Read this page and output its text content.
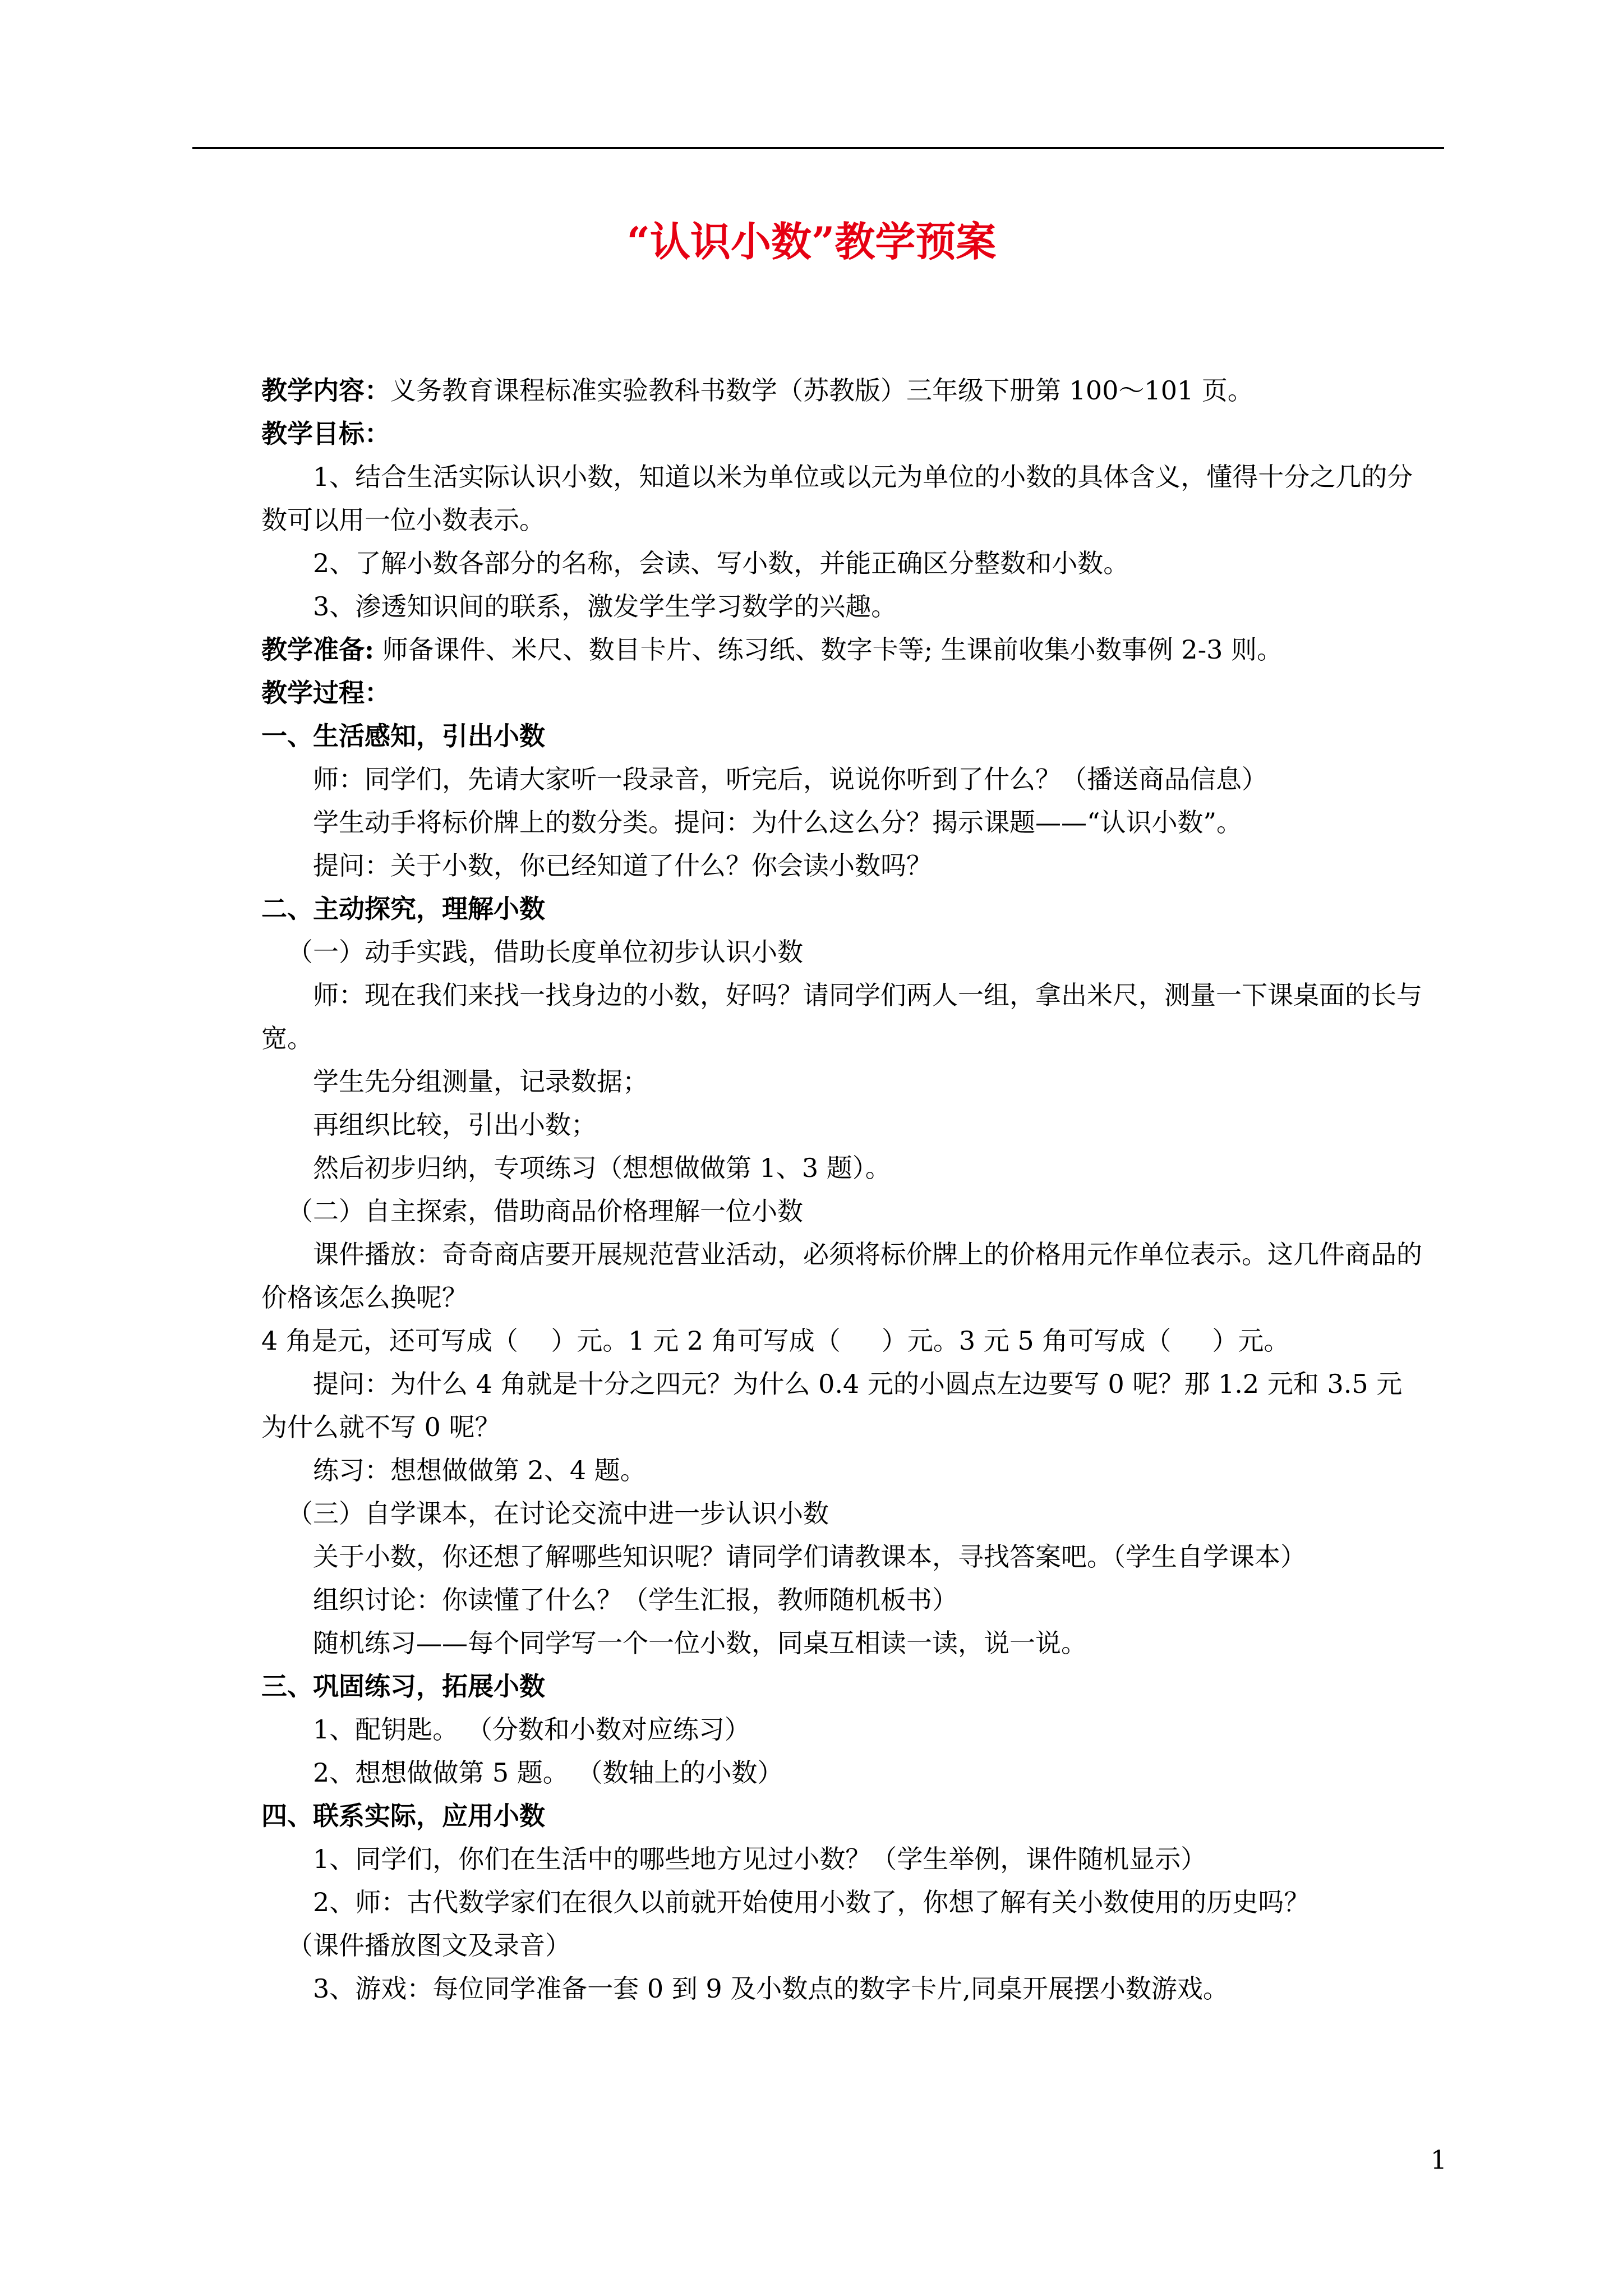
“认识小数”教学预案

教学内容：义务教育课程标准实验教科书数学（苏教版）三年级下册第 100～101 页。

教学目标：

1、结合生活实际认识小数，知道以米为单位或以元为单位的小数的具体含义，懂得十分之几的分数可以用一位小数表示。

2、了解小数各部分的名称，会读、写小数，并能正确区分整数和小数。

3、渗透知识间的联系，激发学生学习数学的兴趣。

教学准备: 师备课件、米尺、数目卡片、练习纸、数字卡等; 生课前收集小数事例 2-3 则。

教学过程：

一、生活感知，引出小数

师：同学们，先请大家听一段录音，听完后，说说你听到了什么？（播送商品信息）

学生动手将标价牌上的数分类。提问：为什么这么分？揭示课题——“认识小数”。

提问：关于小数，你已经知道了什么？你会读小数吗？

二、主动探究，理解小数

（一）动手实践，借助长度单位初步认识小数

师：现在我们来找一找身边的小数，好吗？请同学们两人一组，拿出米尺，测量一下课桌面的长与宽。

学生先分组测量，记录数据；

再组织比较，引出小数；

然后初步归纳，专项练习（想想做做第 1、3 题）。

（二）自主探索，借助商品价格理解一位小数

课件播放：奇奇商店要开展规范营业活动，必须将标价牌上的价格用元作单位表示。这几件商品的价格该怎么换呢？

4 角是元，还可写成（    ）元。1 元 2 角可写成（     ）元。3 元 5 角可写成（     ）元。

提问：为什么 4 角就是十分之四元？为什么 0.4 元的小圆点左边要写 0 呢？那 1.2 元和 3.5 元为什么就不写 0 呢？

练习：想想做做第 2、4 题。

（三）自学课本，在讨论交流中进一步认识小数

关于小数，你还想了解哪些知识呢？请同学们请教课本，寻找答案吧。（学生自学课本）

组织讨论：你读懂了什么？（学生汇报，教师随机板书）

随机练习——每个同学写一个一位小数，同桌互相读一读，说一说。

三、巩固练习，拓展小数

1、配钥匙。 （分数和小数对应练习）

2、想想做做第 5 题。 （数轴上的小数）

四、联系实际，应用小数

1、同学们，你们在生活中的哪些地方见过小数？（学生举例，课件随机显示）

2、师：古代数学家们在很久以前就开始使用小数了，你想了解有关小数使用的历史吗？

（课件播放图文及录音）

3、游戏：每位同学准备一套 0 到 9 及小数点的数字卡片,同桌开展摆小数游戏。

1
